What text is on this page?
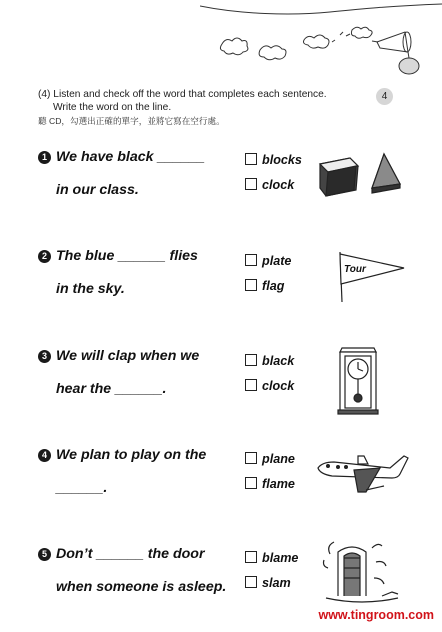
(4) Listen and check off the word that completes each sentence.
Write the word on the line.
聽 CD，勾選出正確的單字，並將它寫在空行處。
4
1 We have black ______
in our class.
blocks
clock
2 The blue ______ flies
in the sky.
plate
flag
Tour
3 We will clap when we
hear the ______.
black
clock
4 We plan to play on the
______.
plane
flame
5 Don’t ______ the door
when someone is asleep.
blame
slam
www.tingroom.com
